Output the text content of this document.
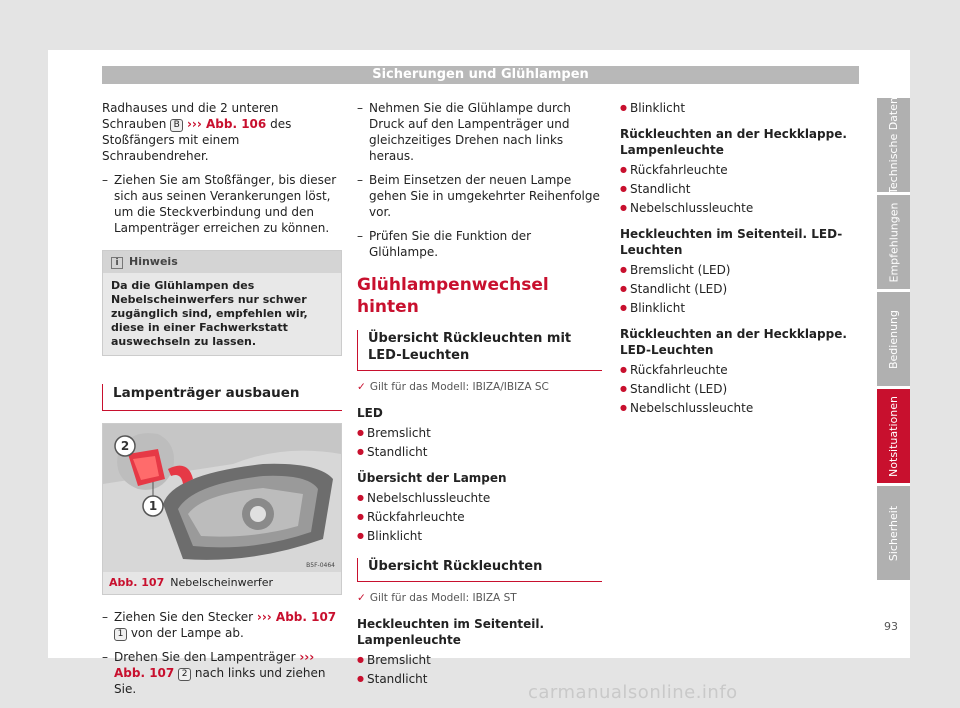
Sicherungen und Glühlampen

Radhauses und die 2 unteren Schrauben B ››› Abb. 106 des Stoßfängers mit einem Schraubendreher.

– Ziehen Sie am Stoßfänger, bis dieser sich aus seinen Verankerungen löst, um die Steckverbindung und den Lampenträger erreichen zu können.
i Hinweis
Da die Glühlampen des Nebelscheinwerfers nur schwer zugänglich sind, empfehlen wir, diese in einer Fachwerkstatt auswechseln zu lassen.
Lampenträger ausbauen
2
1
B5F-0464
Abb. 107 Nebelscheinwerfer
– Ziehen Sie den Stecker ››› Abb. 107 1 von der Lampe ab.
– Drehen Sie den Lampenträger ››› Abb. 107 2 nach links und ziehen Sie.
– Nehmen Sie die Glühlampe durch Druck auf den Lampenträger und gleichzeitiges Drehen nach links heraus.
– Beim Einsetzen der neuen Lampe gehen Sie in umgekehrter Reihenfolge vor.
– Prüfen Sie die Funktion der Glühlampe.
Glühlampenwechsel hinten
Übersicht Rückleuchten mit LED-Leuchten
✓ Gilt für das Modell: IBIZA/IBIZA SC
LED
● Bremslicht
● Standlicht
Übersicht der Lampen
● Nebelschlussleuchte
● Rückfahrleuchte
● Blinklicht
Übersicht Rückleuchten
✓ Gilt für das Modell: IBIZA ST
Heckleuchten im Seitenteil. Lampenleuchte
● Bremslicht
● Standlicht
● Blinklicht
Rückleuchten an der Heckklappe. Lampenleuchte
● Rückfahrleuchte
● Standlicht
● Nebelschlussleuchte
Heckleuchten im Seitenteil. LED-Leuchten
● Bremslicht (LED)
● Standlicht (LED)
● Blinklicht
Rückleuchten an der Heckklappe. LED-Leuchten
● Rückfahrleuchte
● Standlicht (LED)
● Nebelschlussleuchte
Technische Daten
Empfehlungen
Bedienung
Notsituationen
Sicherheit
93
carmanualsonline.info
